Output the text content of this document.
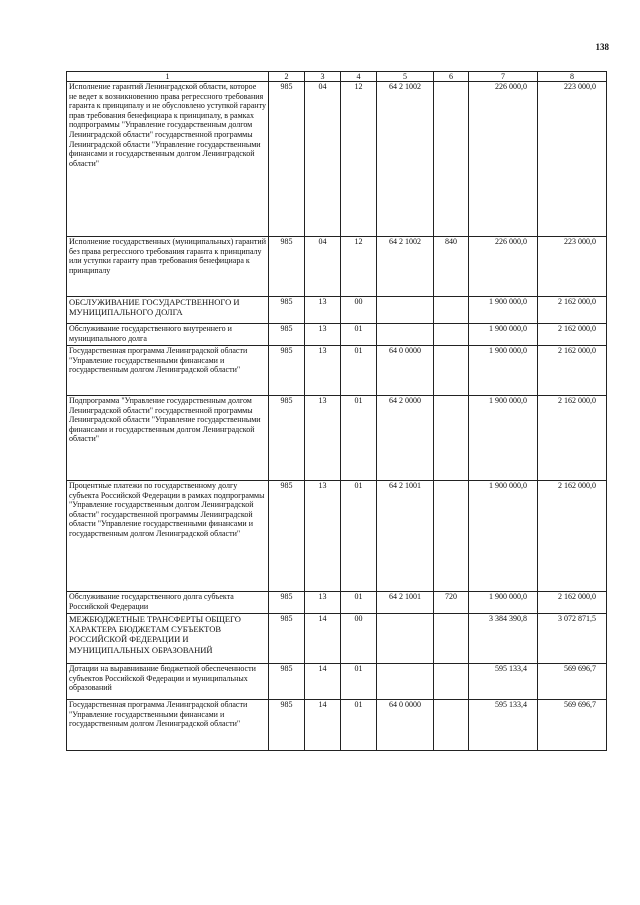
138
1	2	3	4	5	6	7	8
Исполнение гарантий Ленинградской области, которое не ведет к возникновению права регрессного требования гаранта к принципалу и не обусловлено уступкой гаранту прав требования бенефициара к принципалу, в рамках подпрограммы "Управление государственным долгом Ленинградской области" государственной программы Ленинградской области "Управление государственными финансами и государственным долгом Ленинградской области"	985	04	12	64 2 1002		226 000,0	223 000,0
Исполнение государственных (муниципальных) гарантий без права регрессного требования гаранта к принципалу или уступки гаранту прав требования бенефициара к принципалу	985	04	12	64 2 1002	840	226 000,0	223 000,0
ОБСЛУЖИВАНИЕ ГОСУДАРСТВЕННОГО И МУНИЦИПАЛЬНОГО ДОЛГА	985	13	00			1 900 000,0	2 162 000,0
Обслуживание государственного внутреннего и муниципального долга	985	13	01			1 900 000,0	2 162 000,0
Государственная программа Ленинградской области "Управление государственными финансами и государственным долгом Ленинградской области"	985	13	01	64 0 0000		1 900 000,0	2 162 000,0
Подпрограмма "Управление государственным долгом Ленинградской области" государственной программы Ленинградской области "Управление государственными финансами и государственным долгом Ленинградской области"	985	13	01	64 2 0000		1 900 000,0	2 162 000,0
Процентные платежи по государственному долгу субъекта Российской Федерации в рамках подпрограммы "Управление государственным долгом Ленинградской области" государственной программы Ленинградской области "Управление государственными финансами и государственным долгом Ленинградской области"	985	13	01	64 2 1001		1 900 000,0	2 162 000,0
Обслуживание государственного долга субъекта Российской Федерации	985	13	01	64 2 1001	720	1 900 000,0	2 162 000,0
МЕЖБЮДЖЕТНЫЕ ТРАНСФЕРТЫ ОБЩЕГО ХАРАКТЕРА БЮДЖЕТАМ СУБЪЕКТОВ РОССИЙСКОЙ ФЕДЕРАЦИИ И МУНИЦИПАЛЬНЫХ ОБРАЗОВАНИЙ	985	14	00			3 384 390,8	3 072 871,5
Дотации на выравнивание бюджетной обеспеченности субъектов Российской Федерации и муниципальных образований	985	14	01			595 133,4	569 696,7
Государственная программа Ленинградской области "Управление государственными финансами и государственным долгом Ленинградской области"	985	14	01	64 0 0000		595 133,4	569 696,7
